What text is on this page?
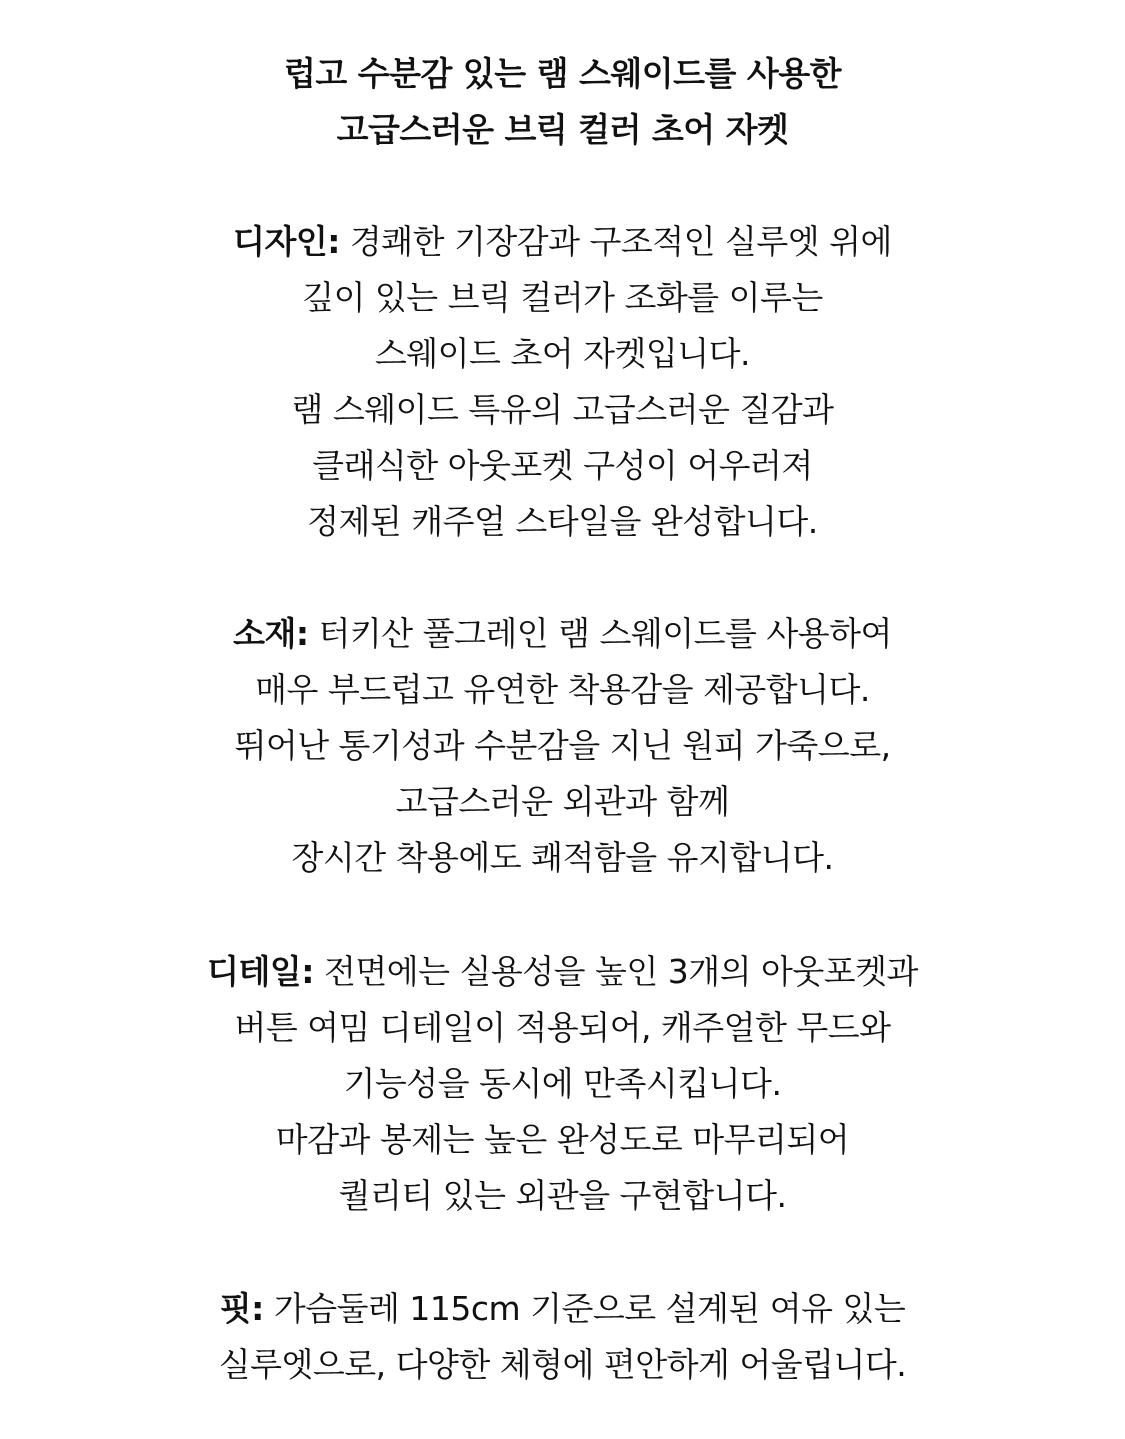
럽고 수분감 있는 램 스웨이드를 사용한
고급스러운 브릭 컬러 초어 자켓
디자인: 경쾌한 기장감과 구조적인 실루엣 위에
깊이 있는 브릭 컬러가 조화를 이루는
스웨이드 초어 자켓입니다.
램 스웨이드 특유의 고급스러운 질감과
클래식한 아웃포켓 구성이 어우러져
정제된 캐주얼 스타일을 완성합니다.
소재: 터키산 풀그레인 램 스웨이드를 사용하여
매우 부드럽고 유연한 착용감을 제공합니다.
뛰어난 통기성과 수분감을 지닌 원피 가죽으로,
고급스러운 외관과 함께
장시간 착용에도 쾌적함을 유지합니다.
디테일: 전면에는 실용성을 높인 3개의 아웃포켓과
버튼 여밈 디테일이 적용되어, 캐주얼한 무드와
기능성을 동시에 만족시킵니다.
마감과 봉제는 높은 완성도로 마무리되어
퀄리티 있는 외관을 구현합니다.
핏: 가슴둘레 115cm 기준으로 설계된 여유 있는
실루엣으로, 다양한 체형에 편안하게 어울립니다.
